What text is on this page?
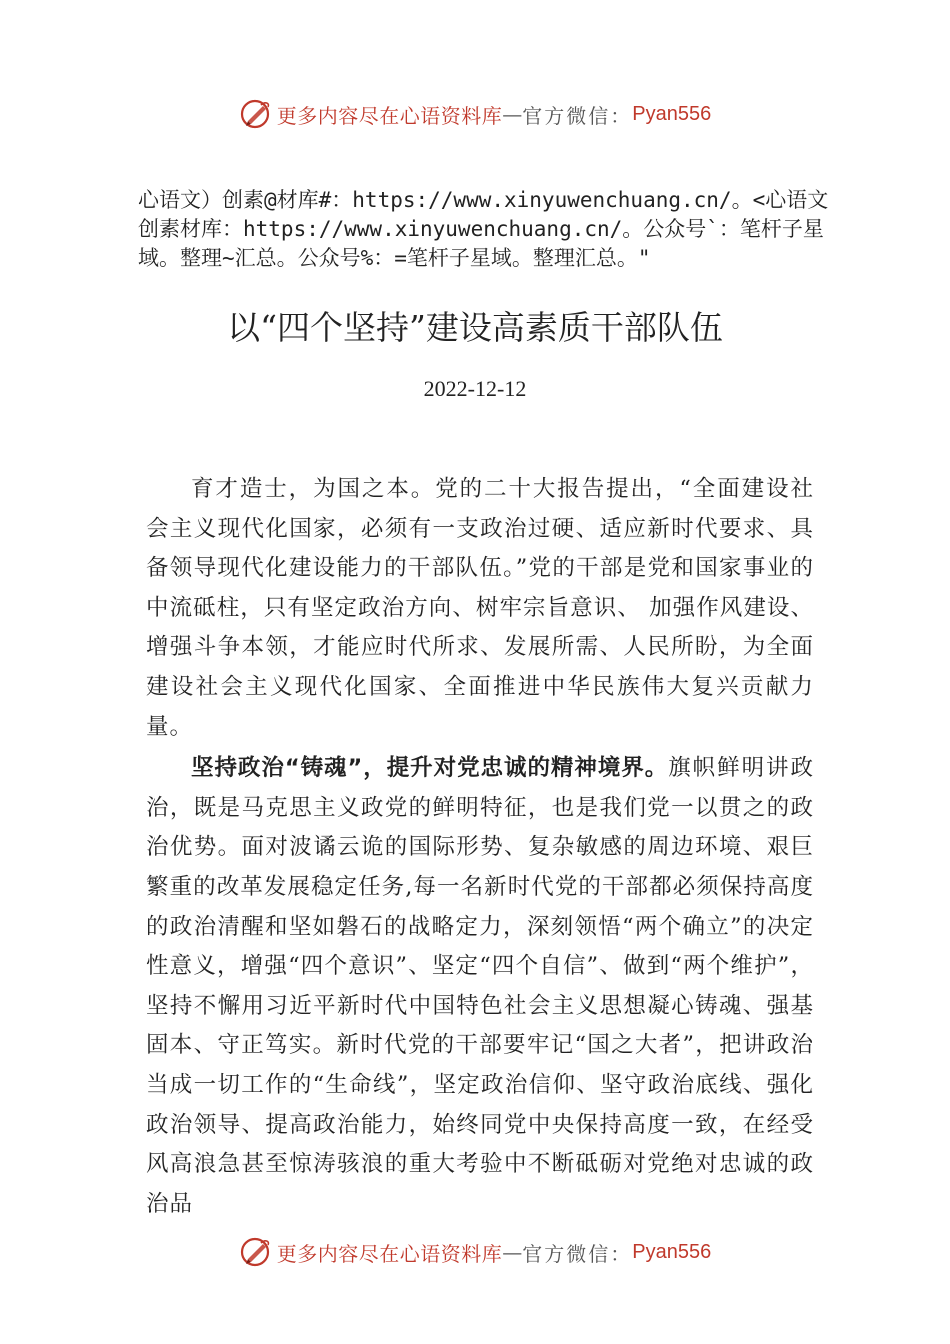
更多内容尽在心语资料库 — 官方微信： Pyan556
心语文）创素@材库#：https://www.xinyuwenchuang.cn/。<心语文创素材库：https://www.xinyuwenchuang.cn/。公众号`：笔杆子星域。整理~汇总。公众号%：=笔杆子星域。整理汇总。"
以“四个坚持”建设高素质干部队伍
2022-12-12

育才造士，为国之本。党的二十大报告提出，“全面建设社会主义现代化国家，必须有一支政治过硬、适应新时代要求、具备领导现代化建设能力的干部队伍。”党的干部是党和国家事业的中流砥柱，只有坚定政治方向、树牢宗旨意识、 加强作风建设、增强斗争本领，才能应时代所求、发展所需、人民所盼，为全面建设社会主义现代化国家、全面推进中华民族伟大复兴贡献力量。

坚持政治“铸魂”，提升对党忠诚的精神境界。旗帜鲜明讲政治，既是马克思主义政党的鲜明特征，也是我们党一以贯之的政治优势。面对波谲云诡的国际形势、复杂敏感的周边环境、艰巨繁重的改革发展稳定任务,每一名新时代党的干部都必须保持高度的政治清醒和坚如磐石的战略定力，深刻领悟“两个确立”的决定性意义，增强“四个意识”、坚定“四个自信”、做到“两个维护”，坚持不懈用习近平新时代中国特色社会主义思想凝心铸魂、强基固本、守正笃实。新时代党的干部要牢记“国之大者”，把讲政治当成一切工作的“生命线”，坚定政治信仰、坚守政治底线、强化政治领导、提高政治能力，始终同党中央保持高度一致，在经受风高浪急甚至惊涛骇浪的重大考验中不断砥砺对党绝对忠诚的政治品

更多内容尽在心语资料库 — 官方微信： Pyan556
